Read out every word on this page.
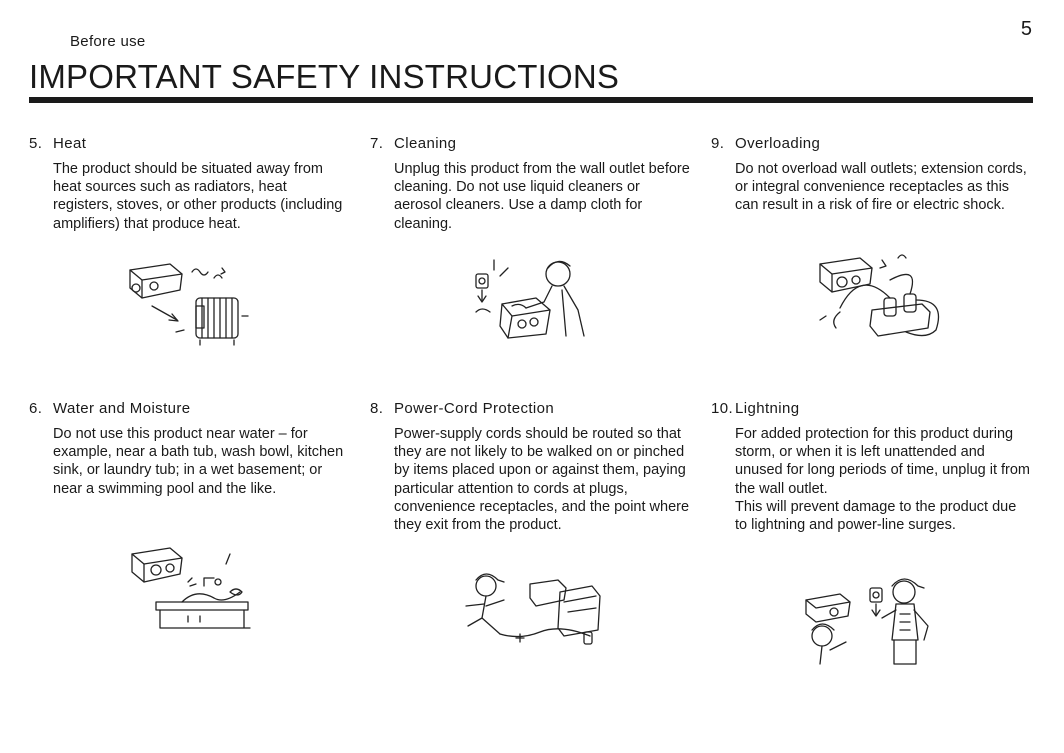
Before use
5
IMPORTANT SAFETY INSTRUCTIONS
5. Heat

The product should be situated away from heat sources such as radiators, heat registers, stoves, or other products (including amplifiers) that produce heat.

6. Water and Moisture

Do not use this product near water – for example, near a bath tub, wash bowl, kitchen sink, or laundry tub; in a wet basement; or near a swimming pool and the like.

7. Cleaning

Unplug this product from the wall outlet before cleaning. Do not use liquid cleaners or aerosol cleaners. Use a damp cloth for cleaning.

8. Power-Cord Protection

Power-supply cords should be routed so that they are not likely to be walked on or pinched by items placed upon or against them, paying particular attention to cords at plugs, convenience receptacles, and the point where they exit from the product.

9. Overloading

Do not overload wall outlets; extension cords, or integral convenience receptacles as this can result in a risk of fire or electric shock.

10. Lightning

For added protection for this product during storm, or when it is left unattended and unused for long periods of time, unplug it from the wall outlet.

This will prevent damage to the product due to lightning and power-line surges.
